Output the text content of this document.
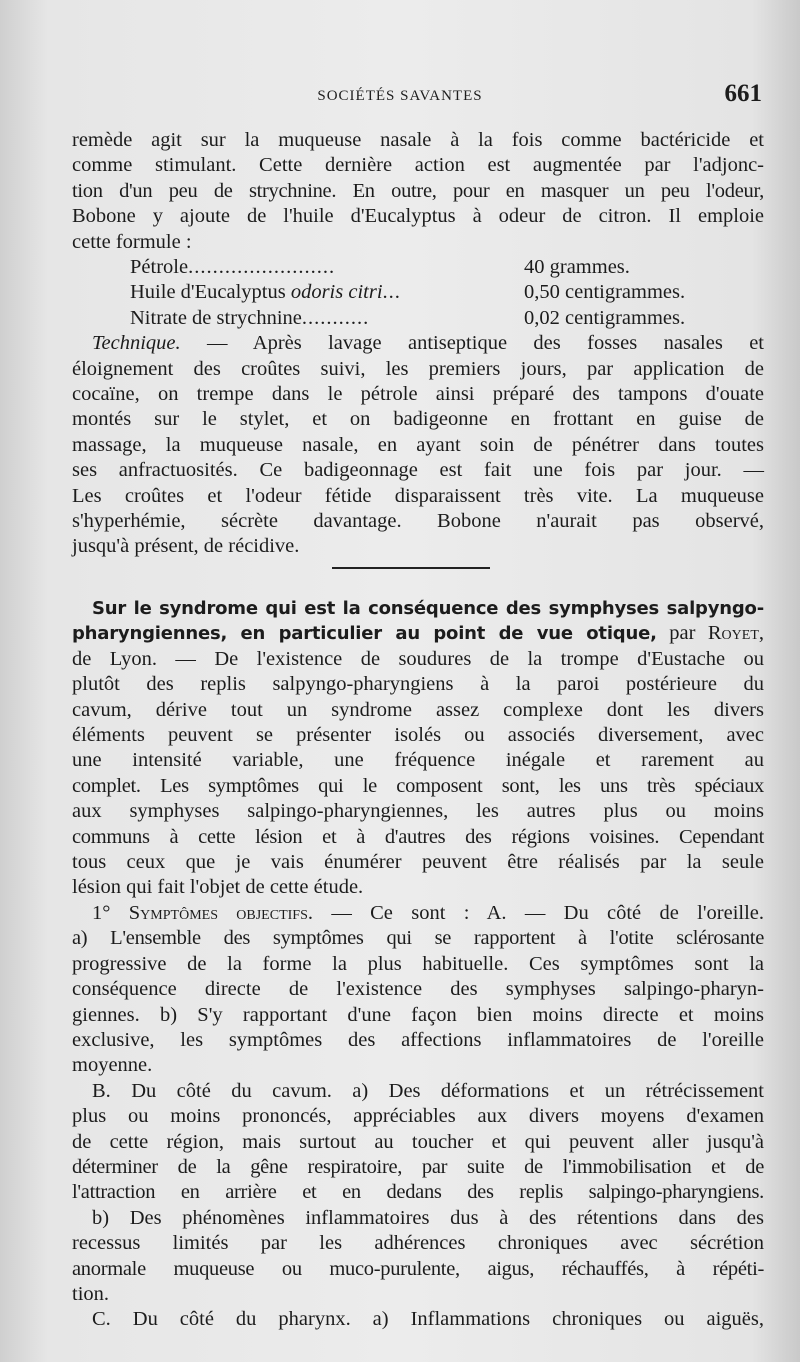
SOCIÉTÉS SAVANTES	661
remède agit sur la muqueuse nasale à la fois comme bactéricide et
comme stimulant. Cette dernière action est augmentée par l'adjonc-
tion d'un peu de strychnine. En outre, pour en masquer un peu l'odeur,
Bobone y ajoute de l'huile d'Eucalyptus à odeur de citron. Il emploie
cette formule :
Pétrole........................	40 grammes.
Huile d'Eucalyptus odoris citri...	0,50 centigrammes.
Nitrate de strychnine...........	0,02 centigrammes.
Technique. — Après lavage antiseptique des fosses nasales et
éloignement des croûtes suivi, les premiers jours, par application de
cocaïne, on trempe dans le pétrole ainsi préparé des tampons d'ouate
montés sur le stylet, et on badigeonne en frottant en guise de
massage, la muqueuse nasale, en ayant soin de pénétrer dans toutes
ses anfractuosités. Ce badigeonnage est fait une fois par jour. —
Les croûtes et l'odeur fétide disparaissent très vite. La muqueuse
s'hyperhémie, sécrète davantage. Bobone n'aurait pas observé,
jusqu'à présent, de récidive.
Sur le syndrome qui est la conséquence des symphyses salpyngo-
pharyngiennes, en particulier au point de vue otique, par Royet,
de Lyon. — De l'existence de soudures de la trompe d'Eustache ou
plutôt des replis salpyngo-pharyngiens à la paroi postérieure du
cavum, dérive tout un syndrome assez complexe dont les divers
éléments peuvent se présenter isolés ou associés diversement, avec
une intensité variable, une fréquence inégale et rarement au
complet. Les symptômes qui le composent sont, les uns très spéciaux
aux symphyses salpingo-pharyngiennes, les autres plus ou moins
communs à cette lésion et à d'autres des régions voisines. Cependant
tous ceux que je vais énumérer peuvent être réalisés par la seule
lésion qui fait l'objet de cette étude.
1° Symptômes objectifs. — Ce sont : A. — Du côté de l'oreille.
a) L'ensemble des symptômes qui se rapportent à l'otite sclérosante
progressive de la forme la plus habituelle. Ces symptômes sont la
conséquence directe de l'existence des symphyses salpingo-pharyn-
giennes. b) S'y rapportant d'une façon bien moins directe et moins
exclusive, les symptômes des affections inflammatoires de l'oreille
moyenne.
B. Du côté du cavum. a) Des déformations et un rétrécissement
plus ou moins prononcés, appréciables aux divers moyens d'examen
de cette région, mais surtout au toucher et qui peuvent aller jusqu'à
déterminer de la gêne respiratoire, par suite de l'immobilisation et de
l'attraction en arrière et en dedans des replis salpingo-pharyngiens.
b) Des phénomènes inflammatoires dus à des rétentions dans des
recessus limités par les adhérences chroniques avec sécrétion
anormale muqueuse ou muco-purulente, aigus, réchauffés, à répéti-
tion.
C. Du côté du pharynx. a) Inflammations chroniques ou aiguës,
